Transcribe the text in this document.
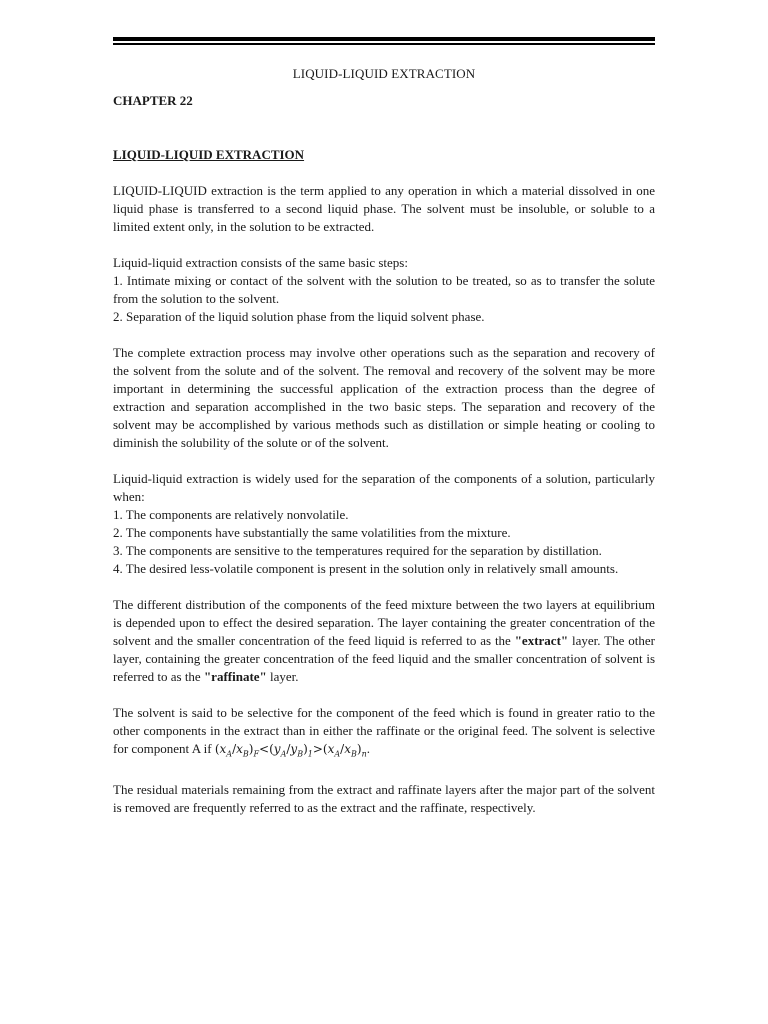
LIQUID-LIQUID EXTRACTION
CHAPTER 22
LIQUID-LIQUID EXTRACTION
LIQUID-LIQUID extraction is the term applied to any operation in which a material dissolved in one liquid phase is transferred to a second liquid phase. The solvent must be insoluble, or soluble to a limited extent only, in the solution to be extracted.
Liquid-liquid extraction consists of the same basic steps:
1. Intimate mixing or contact of the solvent with the solution to be treated, so as to transfer the solute from the solution to the solvent.
2. Separation of the liquid solution phase from the liquid solvent phase.
The complete extraction process may involve other operations such as the separation and recovery of the solvent from the solute and of the solvent. The removal and recovery of the solvent may be more important in determining the successful application of the extraction process than the degree of extraction and separation accomplished in the two basic steps. The separation and recovery of the solvent may be accomplished by various methods such as distillation or simple heating or cooling to diminish the solubility of the solute or of the solvent.
Liquid-liquid extraction is widely used for the separation of the components of a solution, particularly when:
1. The components are relatively nonvolatile.
2. The components have substantially the same volatilities from the mixture.
3. The components are sensitive to the temperatures required for the separation by distillation.
4. The desired less-volatile component is present in the solution only in relatively small amounts.
The different distribution of the components of the feed mixture between the two layers at equilibrium is depended upon to effect the desired separation. The layer containing the greater concentration of the solvent and the smaller concentration of the feed liquid is referred to as the "extract" layer. The other layer, containing the greater concentration of the feed liquid and the smaller concentration of solvent is referred to as the "raffinate" layer.
The solvent is said to be selective for the component of the feed which is found in greater ratio to the other components in the extract than in either the raffinate or the original feed. The solvent is selective for component A if $(x_A/x_B)_F<(y_A/y_B)_1>(x_A/x_B)_n$.
The residual materials remaining from the extract and raffinate layers after the major part of the solvent is removed are frequently referred to as the extract and the raffinate, respectively.
